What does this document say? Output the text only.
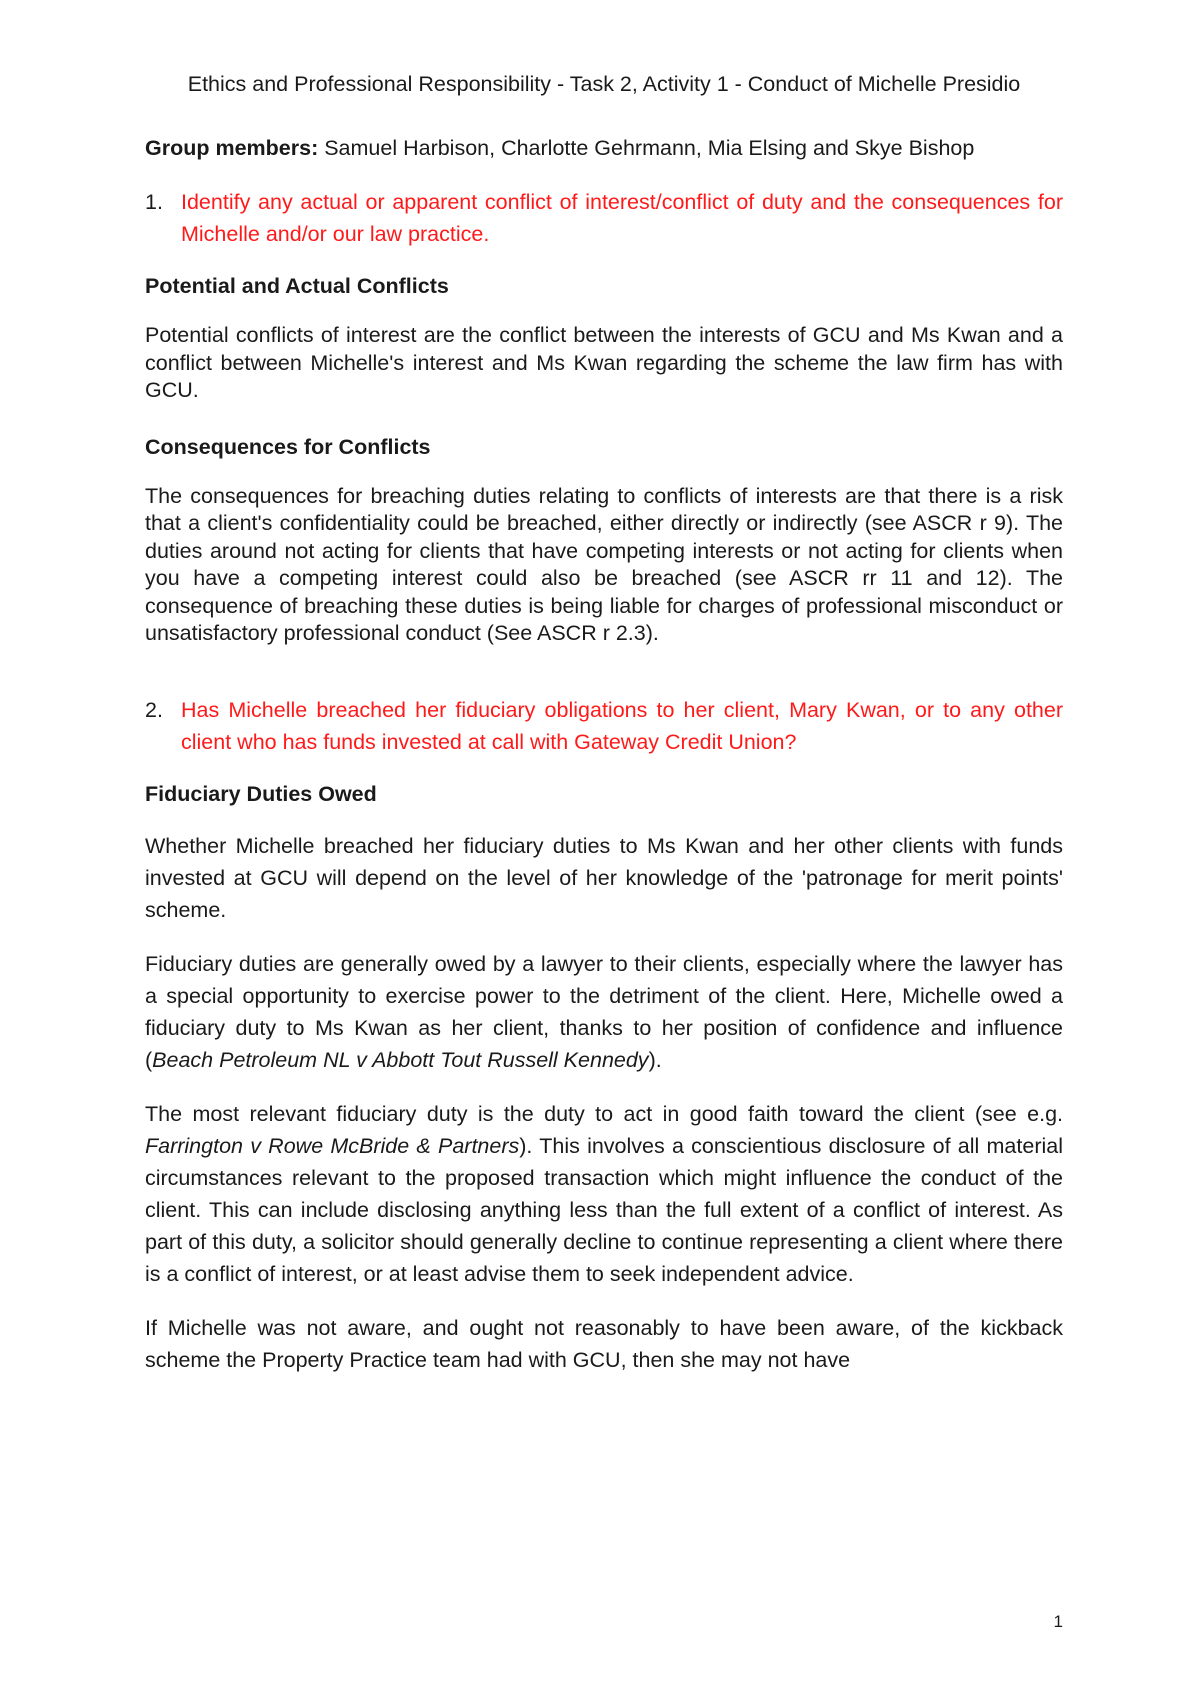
Ethics and Professional Responsibility - Task 2, Activity 1 - Conduct of Michelle Presidio

Group members: Samuel Harbison, Charlotte Gehrmann, Mia Elsing and Skye Bishop

1. Identify any actual or apparent conflict of interest/conflict of duty and the consequences for Michelle and/or our law practice.
Potential and Actual Conflicts

Potential conflicts of interest are the conflict between the interests of GCU and Ms Kwan and a conflict between Michelle's interest and Ms Kwan regarding the scheme the law firm has with GCU.

Consequences for Conflicts

The consequences for breaching duties relating to conflicts of interests are that there is a risk that a client's confidentiality could be breached, either directly or indirectly (see ASCR r 9). The duties around not acting for clients that have competing interests or not acting for clients when you have a competing interest could also be breached (see ASCR rr 11 and 12). The consequence of breaching these duties is being liable for charges of professional misconduct or unsatisfactory professional conduct (See ASCR r 2.3).

2. Has Michelle breached her fiduciary obligations to her client, Mary Kwan, or to any other client who has funds invested at call with Gateway Credit Union?
Fiduciary Duties Owed

Whether Michelle breached her fiduciary duties to Ms Kwan and her other clients with funds invested at GCU will depend on the level of her knowledge of the 'patronage for merit points' scheme.

Fiduciary duties are generally owed by a lawyer to their clients, especially where the lawyer has a special opportunity to exercise power to the detriment of the client. Here, Michelle owed a fiduciary duty to Ms Kwan as her client, thanks to her position of confidence and influence (Beach Petroleum NL v Abbott Tout Russell Kennedy).

The most relevant fiduciary duty is the duty to act in good faith toward the client (see e.g. Farrington v Rowe McBride & Partners). This involves a conscientious disclosure of all material circumstances relevant to the proposed transaction which might influence the conduct of the client. This can include disclosing anything less than the full extent of a conflict of interest. As part of this duty, a solicitor should generally decline to continue representing a client where there is a conflict of interest, or at least advise them to seek independent advice.

If Michelle was not aware, and ought not reasonably to have been aware, of the kickback scheme the Property Practice team had with GCU, then she may not have

1
